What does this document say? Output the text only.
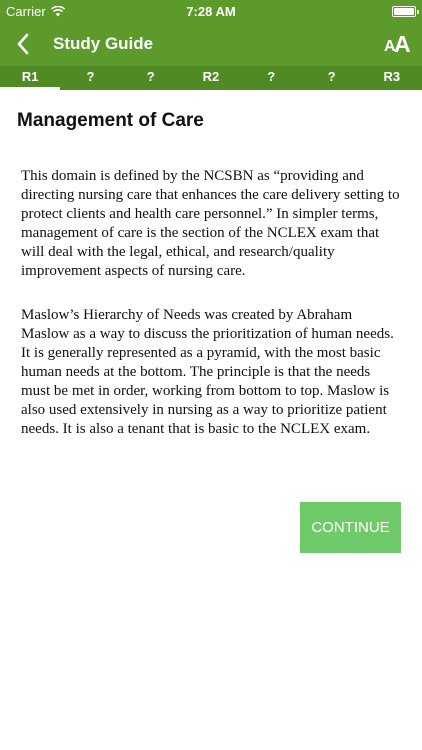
Carrier	7:28 AM
Study Guide	A
A
R1	?	?	R2	?	?	R3
Management of Care

This domain is defined by the NCSBN as “providing and directing nursing care that enhances the care delivery setting to protect clients and health care personnel.” In simpler terms, management of care is the section of the NCLEX exam that will deal with the legal, ethical, and research/quality improvement aspects of nursing care.

Maslow’s Hierarchy of Needs was created by Abraham Maslow as a way to discuss the prioritization of human needs. It is generally represented as a pyramid, with the most basic human needs at the bottom. The principle is that the needs must be met in order, working from bottom to top. Maslow is also used extensively in nursing as a way to prioritize patient needs. It is also a tenant that is basic to the NCLEX exam.

CONTINUE
